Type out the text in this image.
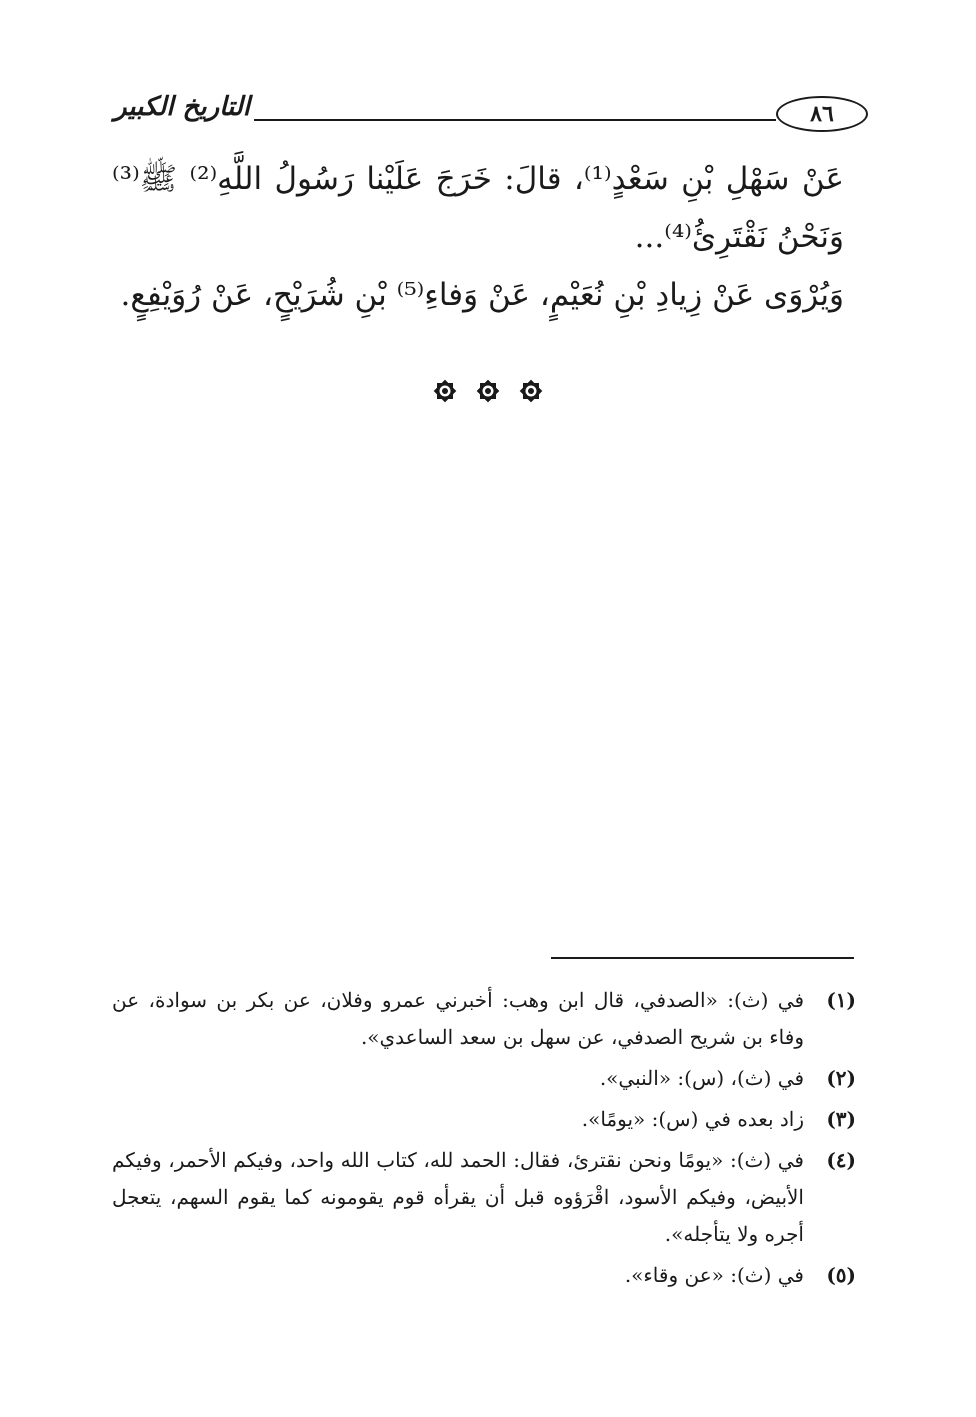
التاريخ الكبير	٨٦

عَنْ سَهْلِ بْنِ سَعْدٍ⁽¹⁾، قالَ: خَرَجَ عَلَيْنا رَسُولُ اللَّهِ⁽²⁾ ﷺ⁽³⁾ وَنَحْنُ نَقْتَرِئُ⁽⁴⁾...

وَيُرْوَى عَنْ زِيادِ بْنِ نُعَيْمٍ، عَنْ وَفاءِ⁽⁵⁾ بْنِ شُرَيْحٍ، عَنْ رُوَيْفِعٍ.

(١)
في (ث): «الصدفي، قال ابن وهب: أخبرني عمرو وفلان، عن بكر بن سوادة، عن وفاء بن شريح الصدفي، عن سهل بن سعد الساعدي».
(٢)
في (ث)، (س): «النبي».
(٣)
زاد بعده في (س): «يومًا».
(٤)
في (ث): «يومًا ونحن نقترئ، فقال: الحمد لله، كتاب الله واحد، وفيكم الأحمر، وفيكم الأبيض، وفيكم الأسود، اقْرَؤوه قبل أن يقرأه قوم يقومونه كما يقوم السهم، يتعجل أجره ولا يتأجله».
(٥)
في (ث): «عن وقاء».
